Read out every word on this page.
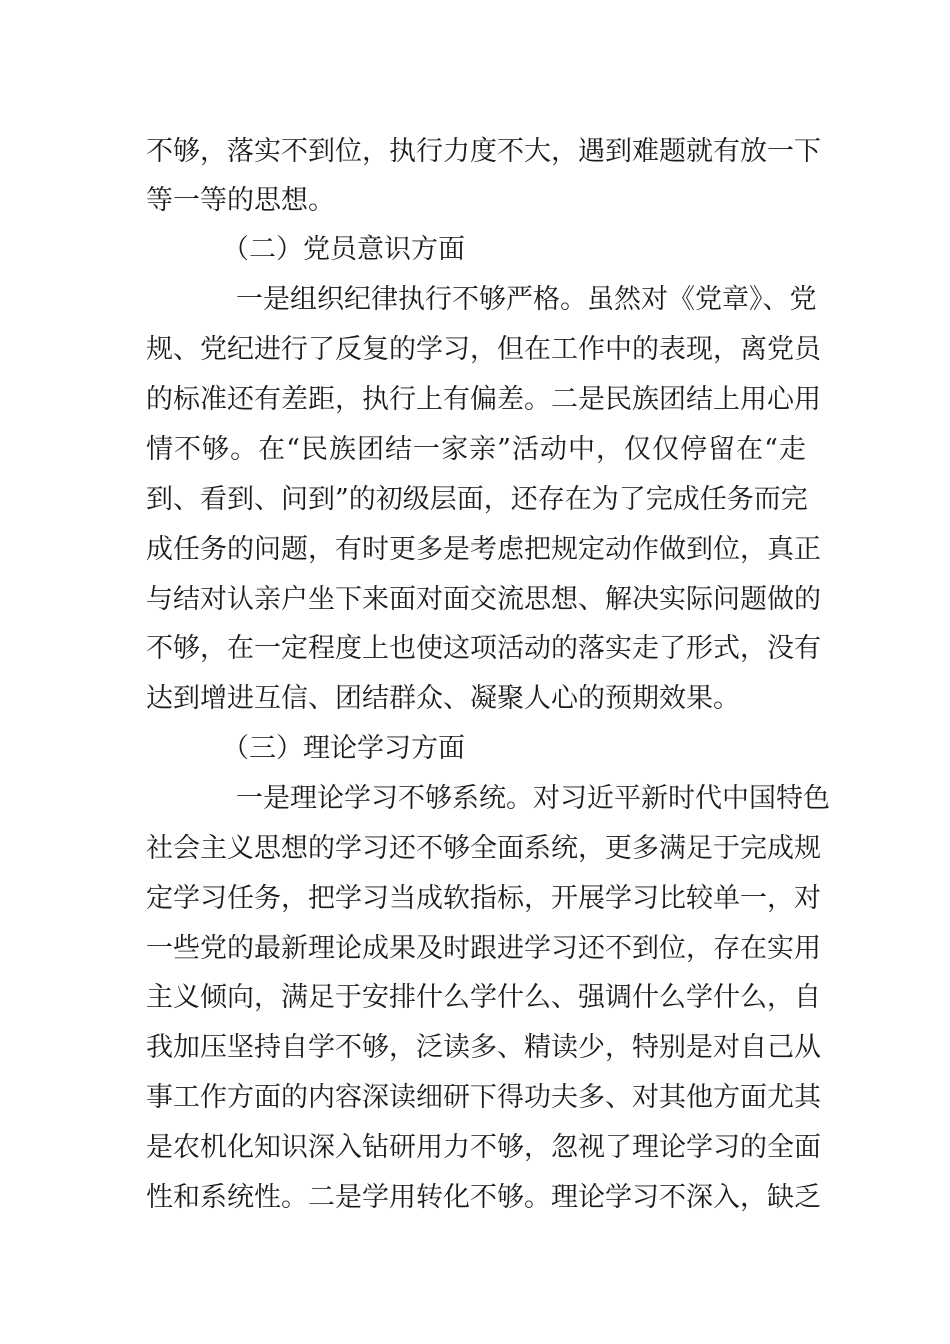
不够，落实不到位，执行力度不大，遇到难题就有放一下
等一等的思想。
（二）党员意识方面
一是组织纪律执行不够严格。虽然对《党章》、党
规、党纪进行了反复的学习，但在工作中的表现，离党员
的标准还有差距，执行上有偏差。二是民族团结上用心用
情不够。在“民族团结一家亲”活动中，仅仅停留在“走
到、看到、问到”的初级层面，还存在为了完成任务而完
成任务的问题，有时更多是考虑把规定动作做到位，真正
与结对认亲户坐下来面对面交流思想、解决实际问题做的
不够，在一定程度上也使这项活动的落实走了形式，没有
达到增进互信、团结群众、凝聚人心的预期效果。
（三）理论学习方面
一是理论学习不够系统。对习近平新时代中国特色
社会主义思想的学习还不够全面系统，更多满足于完成规
定学习任务，把学习当成软指标，开展学习比较单一，对
一些党的最新理论成果及时跟进学习还不到位，存在实用
主义倾向，满足于安排什么学什么、强调什么学什么，自
我加压坚持自学不够，泛读多、精读少，特别是对自己从
事工作方面的内容深读细研下得功夫多、对其他方面尤其
是农机化知识深入钻研用力不够，忽视了理论学习的全面
性和系统性。二是学用转化不够。理论学习不深入，缺乏
